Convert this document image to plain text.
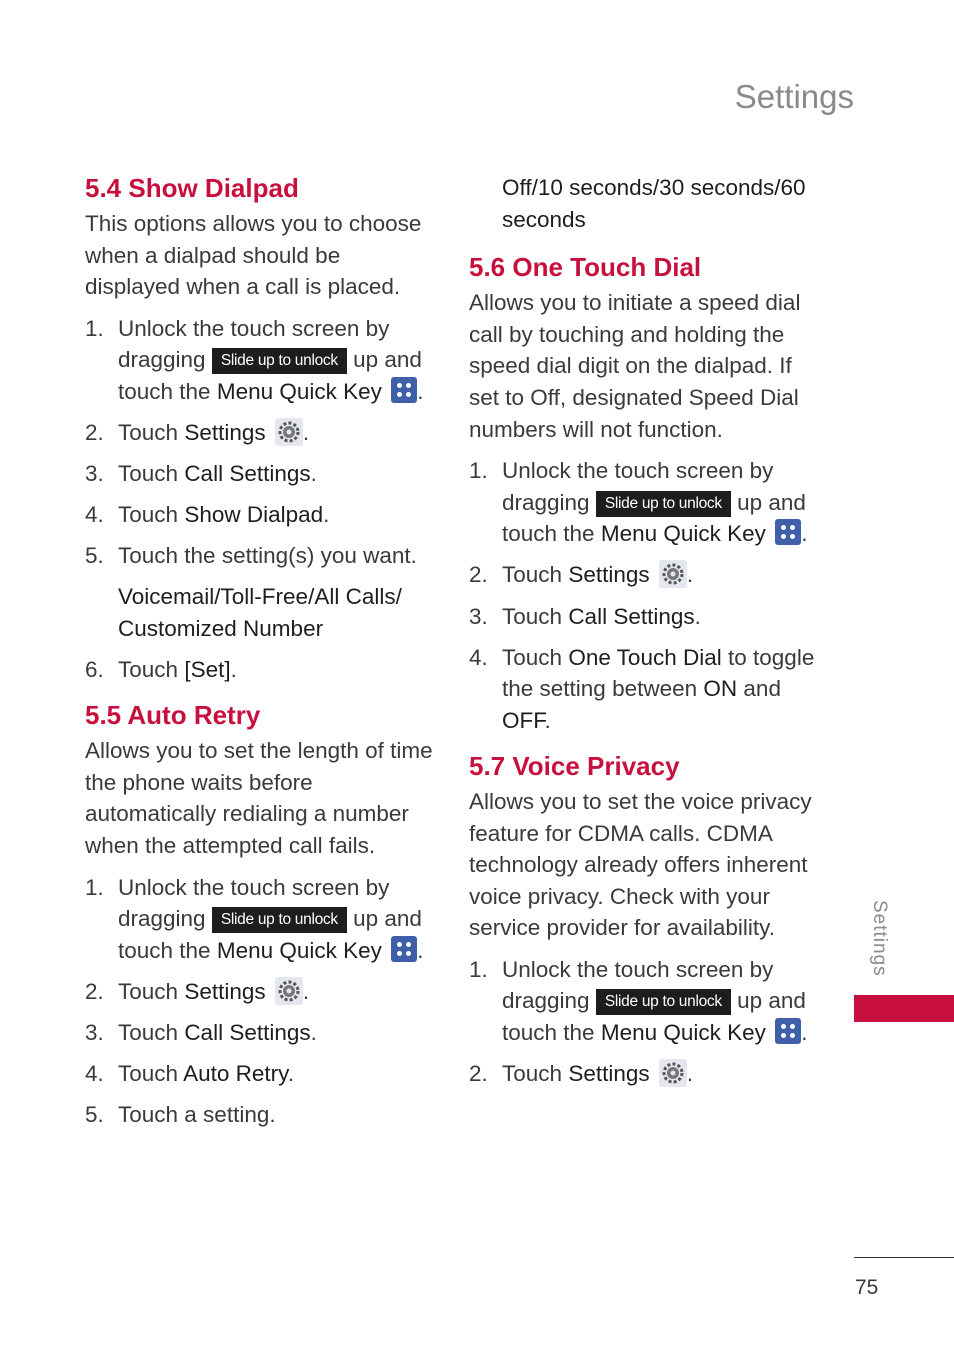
Settings
5.4 Show Dialpad

This options allows you to choose when a dialpad should be displayed when a call is placed.

1. Unlock the touch screen by dragging Slide up to unlock up and touch the Menu Quick Key .
2. Touch Settings .
3. Touch Call Settings.
4. Touch Show Dialpad.
5. Touch the setting(s) you want.
Voicemail/Toll-Free/All Calls/ Customized Number
6. Touch [Set].
5.5 Auto Retry

Allows you to set the length of time the phone waits before automatically redialing a number when the attempted call fails.

1. Unlock the touch screen by dragging Slide up to unlock up and touch the Menu Quick Key .
2. Touch Settings .
3. Touch Call Settings.
4. Touch Auto Retry.
5. Touch a setting.
Off/10 seconds/30 seconds/60 seconds
5.6 One Touch Dial

Allows you to initiate a speed dial call by touching and holding the speed dial digit on the dialpad. If set to Off, designated Speed Dial numbers will not function.

1. Unlock the touch screen by dragging Slide up to unlock up and touch the Menu Quick Key .
2. Touch Settings .
3. Touch Call Settings.
4. Touch One Touch Dial to toggle the setting between ON and OFF.
5.7 Voice Privacy

Allows you to set the voice privacy feature for CDMA calls. CDMA technology already offers inherent voice privacy. Check with your service provider for availability.

1. Unlock the touch screen by dragging Slide up to unlock up and touch the Menu Quick Key .
2. Touch Settings .
Settings
75
